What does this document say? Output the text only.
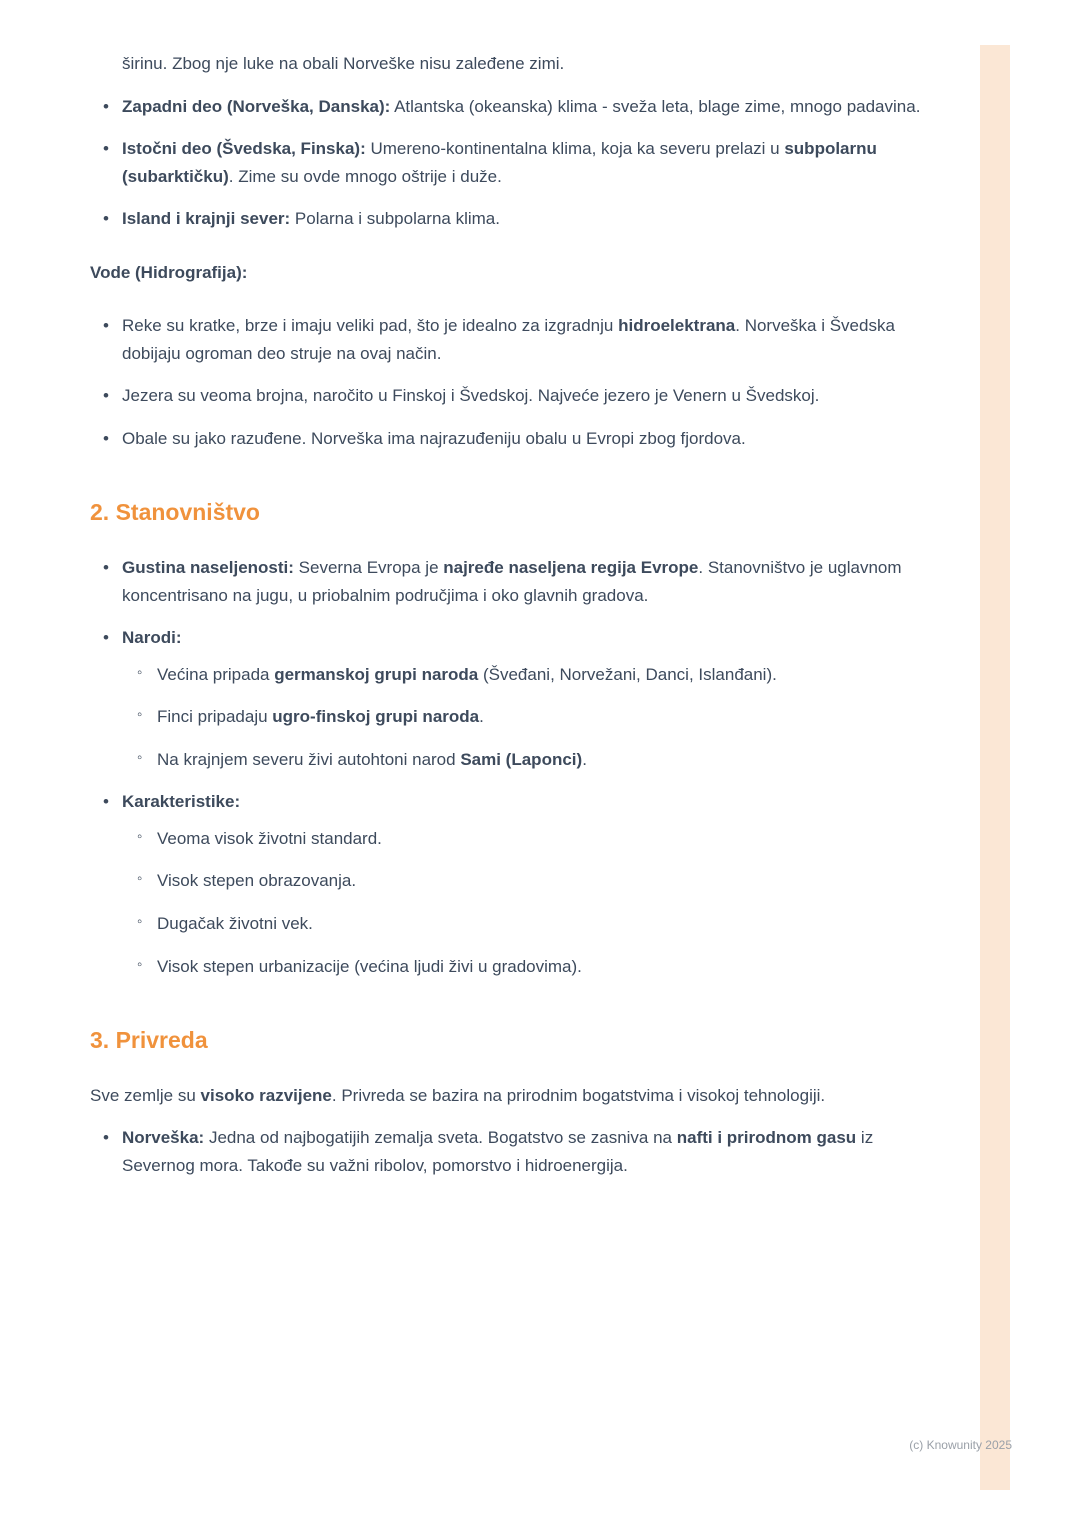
širinu. Zbog nje luke na obali Norveške nisu zaleđene zimi.
• Zapadni deo (Norveška, Danska): Atlantska (okeanska) klima - sveža leta, blage zime, mnogo padavina.
• Istočni deo (Švedska, Finska): Umereno-kontinentalna klima, koja ka severu prelazi u subpolarnu (subarktičku). Zime su ovde mnogo oštrije i duže.
• Island i krajnji sever: Polarna i subpolarna klima.
Vode (Hidrografija):
• Reke su kratke, brze i imaju veliki pad, što je idealno za izgradnju hidroelektrana. Norveška i Švedska dobijaju ogroman deo struje na ovaj način.
• Jezera su veoma brojna, naročito u Finskoj i Švedskoj. Najveće jezero je Venern u Švedskoj.
• Obale su jako razuđene. Norveška ima najrazuđeniju obalu u Evropi zbog fjordova.
2. Stanovništvo
• Gustina naseljenosti: Severna Evropa je najređe naseljena regija Evrope. Stanovništvo je uglavnom koncentrisano na jugu, u priobalnim područjima i oko glavnih gradova.
• Narodi:
◦ Većina pripada germanskoj grupi naroda (Šveđani, Norvežani, Danci, Islanđani).
◦ Finci pripadaju ugro-finskoj grupi naroda.
◦ Na krajnjem severu živi autohtoni narod Sami (Laponci).
• Karakteristike:
◦ Veoma visok životni standard.
◦ Visok stepen obrazovanja.
◦ Dugačak životni vek.
◦ Visok stepen urbanizacije (većina ljudi živi u gradovima).
3. Privreda
Sve zemlje su visoko razvijene. Privreda se bazira na prirodnim bogatstvima i visokoj tehnologiji.
• Norveška: Jedna od najbogatijih zemalja sveta. Bogatstvo se zasniva na nafti i prirodnom gasu iz Severnog mora. Takođe su važni ribolov, pomorstvo i hidroenergija.
(c) Knowunity 2025
